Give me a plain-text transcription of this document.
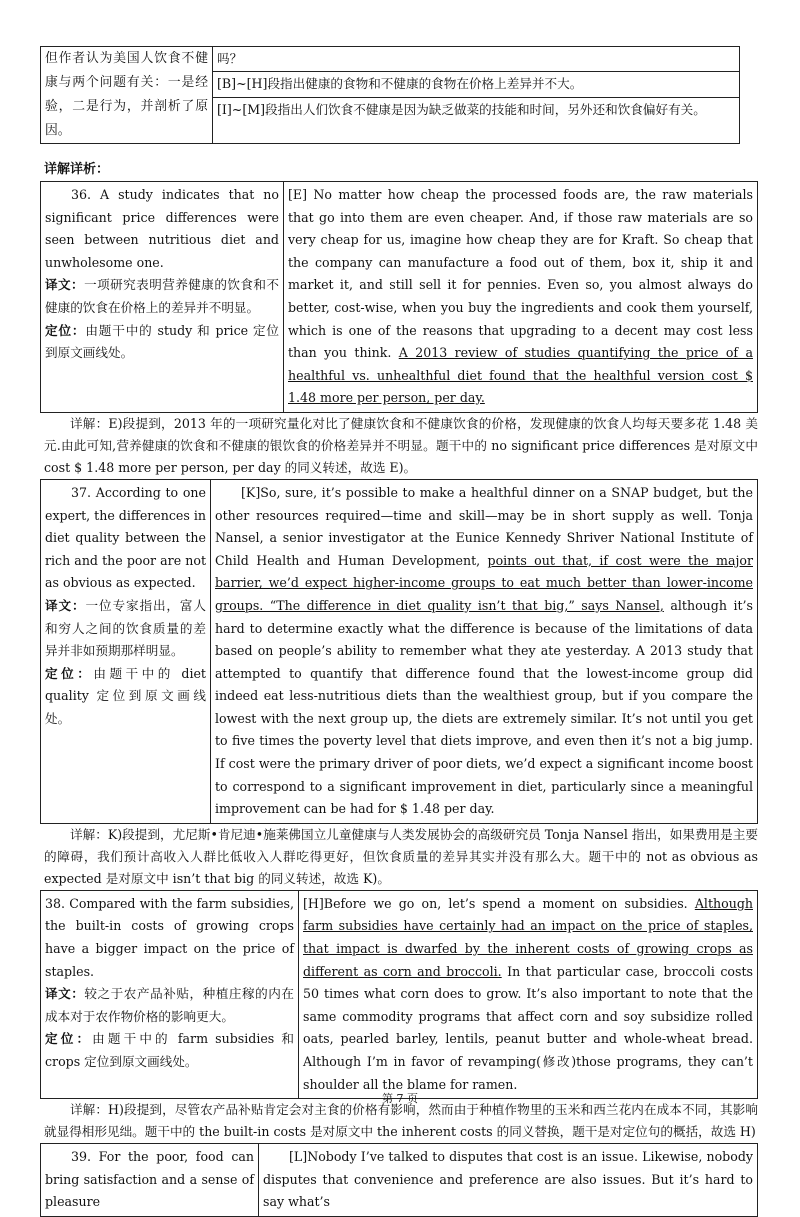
但作者认为美国人饮食不健康与两个问题有关：一是经验，二是行为，并剖析了原因。	吗？
[B]~[H]段指出健康的食物和不健康的食物在价格上差异并不大。
[I]~[M]段指出人们饮食不健康是因为缺乏做菜的技能和时间，另外还和饮食偏好有关。
详解详析：
36. A study indicates that no significant price differences were seen between nutritious diet and unwholesome one.
译文：一项研究表明营养健康的饮食和不健康的饮食在价格上的差异并不明显。
定位：由题干中的 study 和 price 定位到原文画线处。
	[E] No matter how cheap the processed foods are, the raw materials that go into them are even cheaper. And, if those raw materials are so very cheap for us, imagine how cheap they are for Kraft. So cheap that the company can manufacture a food out of them, box it, ship it and market it, and still sell it for pennies. Even so, you almost always do better, cost-wise, when you buy the ingredients and cook them yourself, which is one of the reasons that upgrading to a decent may cost less than you think. A 2013 review of studies quantifying the price of a healthful vs. unhealthful diet found that the healthful version cost $ 1.48 more per person, per day.

详解：E)段提到，2013 年的一项研究量化对比了健康饮食和不健康饮食的价格，发现健康的饮食人均每天要多花 1.48 美元.由此可知,营养健康的饮食和不健康的银饮食的价格差异并不明显。题干中的 no significant price differences 是对原文中 cost $ 1.48 more per person, per day 的同义转述，故选 E)。

37. According to one expert, the differences in diet quality between the rich and the poor are not as obvious as expected.
译文：一位专家指出，富人和穷人之间的饮食质量的差异并非如预期那样明显。
定位：由题干中的 diet quality 定位到原文画线处。
	[K]So, sure, it’s possible to make a healthful dinner on a SNAP budget, but the other resources required—time and skill—may be in short supply as well. Tonja Nansel, a senior investigator at the Eunice Kennedy Shriver National Institute of Child Health and Human Development, points out that, if cost were the major barrier, we’d expect higher-income groups to eat much better than lower-income groups. “The difference in diet quality isn’t that big,” says Nansel, although it’s hard to determine exactly what the difference is because of the limitations of data based on people’s ability to remember what they ate yesterday. A 2013 study that attempted to quantify that difference found that the lowest-income group did indeed eat less-nutritious diets than the wealthiest group, but if you compare the lowest with the next group up, the diets are extremely similar. It’s not until you get to five times the poverty level that diets improve, and even then it’s not a big jump. If cost were the primary driver of poor diets, we’d expect a significant income boost to correspond to a significant improvement in diet, particularly since a meaningful improvement can be had for $ 1.48 per day.

详解：K)段提到，尤尼斯•肯尼迪•施莱佛国立儿童健康与人类发展协会的高级研究员 Tonja Nansel 指出，如果费用是主要的障碍，我们预计高收入人群比低收入人群吃得更好，但饮食质量的差异其实并没有那么大。题干中的 not as obvious as expected 是对原文中 isn’t that big 的同义转述，故选 K)。

38. Compared with the farm subsidies, the built-in costs of growing crops have a bigger impact on the price of staples.
译文：较之于农产品补贴，种植庄稼的内在成本对于农作物价格的影响更大。
定位：由题干中的 farm subsidies 和 crops 定位到原文画线处。
	[H]Before we go on, let’s spend a moment on subsidies. Although farm subsidies have certainly had an impact on the price of staples, that impact is dwarfed by the inherent costs of growing crops as different as corn and broccoli. In that particular case, broccoli costs 50 times what corn does to grow. It’s also important to note that the same commodity programs that affect corn and soy subsidize rolled oats, pearled barley, lentils, peanut butter and whole-wheat bread. Although I’m in favor of revamping(修改)those programs, they can’t shoulder all the blame for ramen.

详解：H)段提到，尽管农产品补贴肯定会对主食的价格有影响，然而由于种植作物里的玉米和西兰花内在成本不同，其影响就显得相形见绌。题干中的 the built-in costs 是对原文中 the inherent costs 的同义替换，题干是对定位句的概括，故选 H)

39. For the poor, food can bring satisfaction and a sense of pleasure
	[L]Nobody I’ve talked to disputes that cost is an issue. Likewise, nobody disputes that convenience and preference are also issues. But it’s hard to say what’s
第 7 页
